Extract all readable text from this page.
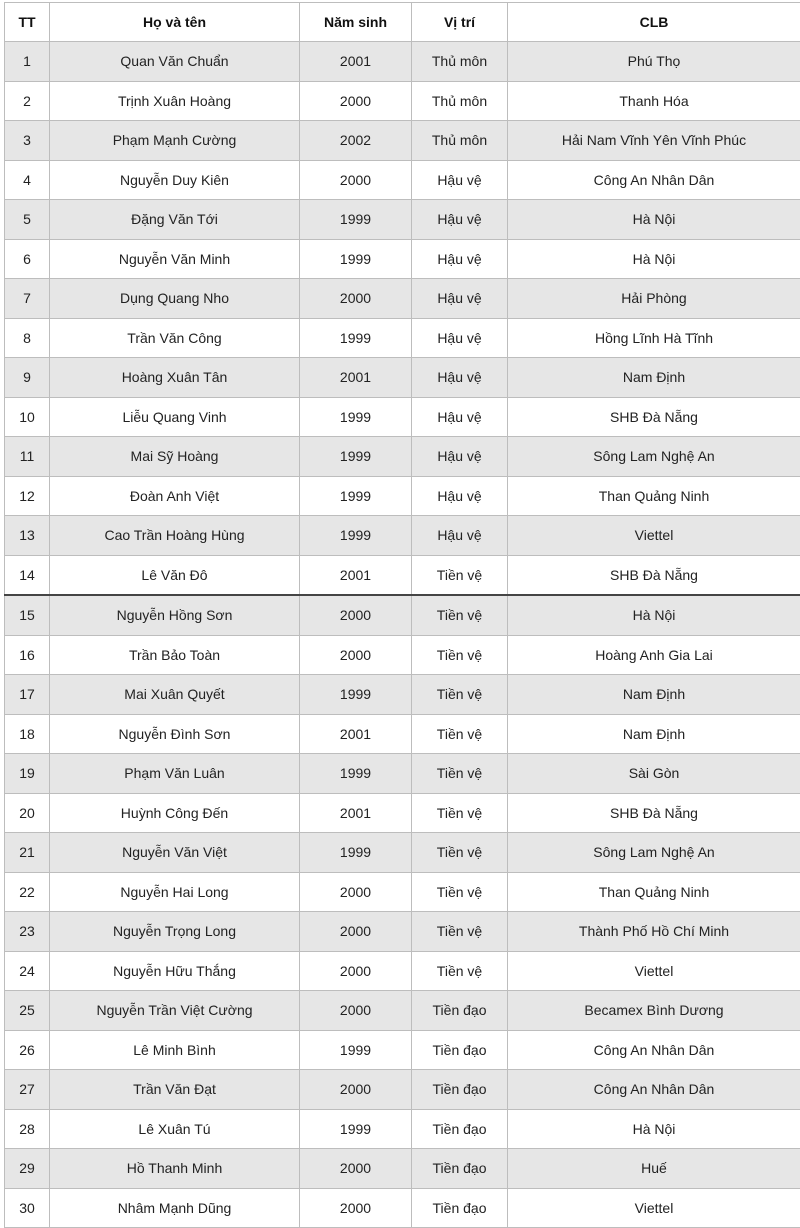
TT	Họ và tên	Năm sinh	Vị trí	CLB
1	Quan Văn Chuẩn	2001	Thủ môn	Phú Thọ
2	Trịnh Xuân Hoàng	2000	Thủ môn	Thanh Hóa
3	Phạm Mạnh Cường	2002	Thủ môn	Hải Nam Vĩnh Yên Vĩnh Phúc
4	Nguyễn Duy Kiên	2000	Hậu vệ	Công An Nhân Dân
5	Đặng Văn Tới	1999	Hậu vệ	Hà Nội
6	Nguyễn Văn Minh	1999	Hậu vệ	Hà Nội
7	Dụng Quang Nho	2000	Hậu vệ	Hải Phòng
8	Trần Văn Công	1999	Hậu vệ	Hồng Lĩnh Hà Tĩnh
9	Hoàng Xuân Tân	2001	Hậu vệ	Nam Định
10	Liễu Quang Vinh	1999	Hậu vệ	SHB Đà Nẵng
11	Mai Sỹ Hoàng	1999	Hậu vệ	Sông Lam Nghệ An
12	Đoàn Anh Việt	1999	Hậu vệ	Than Quảng Ninh
13	Cao Trần Hoàng Hùng	1999	Hậu vệ	Viettel
14	Lê Văn Đô	2001	Tiền vệ	SHB Đà Nẵng
15	Nguyễn Hồng Sơn	2000	Tiền vệ	Hà Nội
16	Trần Bảo Toàn	2000	Tiền vệ	Hoàng Anh Gia Lai
17	Mai Xuân Quyết	1999	Tiền vệ	Nam Định
18	Nguyễn Đình Sơn	2001	Tiền vệ	Nam Định
19	Phạm Văn Luân	1999	Tiền vệ	Sài Gòn
20	Huỳnh Công Đến	2001	Tiền vệ	SHB Đà Nẵng
21	Nguyễn Văn Việt	1999	Tiền vệ	Sông Lam Nghệ An
22	Nguyễn Hai Long	2000	Tiền vệ	Than Quảng Ninh
23	Nguyễn Trọng Long	2000	Tiền vệ	Thành Phố Hồ Chí Minh
24	Nguyễn Hữu Thắng	2000	Tiền vệ	Viettel
25	Nguyễn Trần Việt Cường	2000	Tiền đạo	Becamex Bình Dương
26	Lê Minh Bình	1999	Tiền đạo	Công An Nhân Dân
27	Trần Văn Đạt	2000	Tiền đạo	Công An Nhân Dân
28	Lê Xuân Tú	1999	Tiền đạo	Hà Nội
29	Hồ Thanh Minh	2000	Tiền đạo	Huế
30	Nhâm Mạnh Dũng	2000	Tiền đạo	Viettel
